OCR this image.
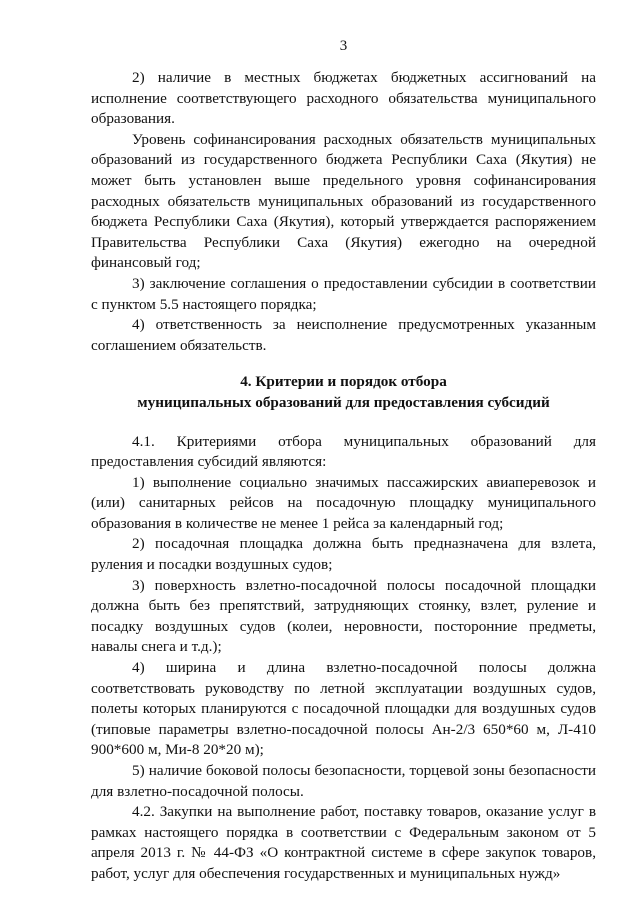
3

2) наличие в местных бюджетах бюджетных ассигнований на исполнение соответствующего расходного обязательства муниципального образования.

Уровень софинансирования расходных обязательств муниципальных образований из государственного бюджета Республики Саха (Якутия) не может быть установлен выше предельного уровня софинансирования расходных обязательств муниципальных образований из государственного бюджета Республики Саха (Якутия), который утверждается распоряжением Правительства Республики Саха (Якутия) ежегодно на очередной финансовый год;

3) заключение соглашения о предоставлении субсидии в соответствии с пунктом 5.5 настоящего порядка;

4) ответственность за неисполнение предусмотренных указанным соглашением обязательств.

4. Критерии и порядок отбора
муниципальных образований для предоставления субсидий

4.1. Критериями отбора муниципальных образований для предоставления субсидий являются:

1) выполнение социально значимых пассажирских авиаперевозок и (или) санитарных рейсов на посадочную площадку муниципального образования в количестве не менее 1 рейса за календарный год;

2) посадочная площадка должна быть предназначена для взлета, руления и посадки воздушных судов;

3) поверхность взлетно-посадочной полосы посадочной площадки должна быть без препятствий, затрудняющих стоянку, взлет, руление и посадку воздушных судов (колеи, неровности, посторонние предметы, навалы снега и т.д.);

4) ширина и длина взлетно-посадочной полосы должна соответствовать руководству по летной эксплуатации воздушных судов, полеты которых планируются с посадочной площадки для воздушных судов (типовые параметры взлетно-посадочной полосы Ан-2/3 650*60 м, Л-410 900*600 м, Ми-8 20*20 м);

5) наличие боковой полосы безопасности, торцевой зоны безопасности для взлетно-посадочной полосы.

4.2. Закупки на выполнение работ, поставку товаров, оказание услуг в рамках настоящего порядка в соответствии с Федеральным законом от 5 апреля 2013 г. № 44-ФЗ «О контрактной системе в сфере закупок товаров, работ, услуг для обеспечения государственных и муниципальных нужд»
